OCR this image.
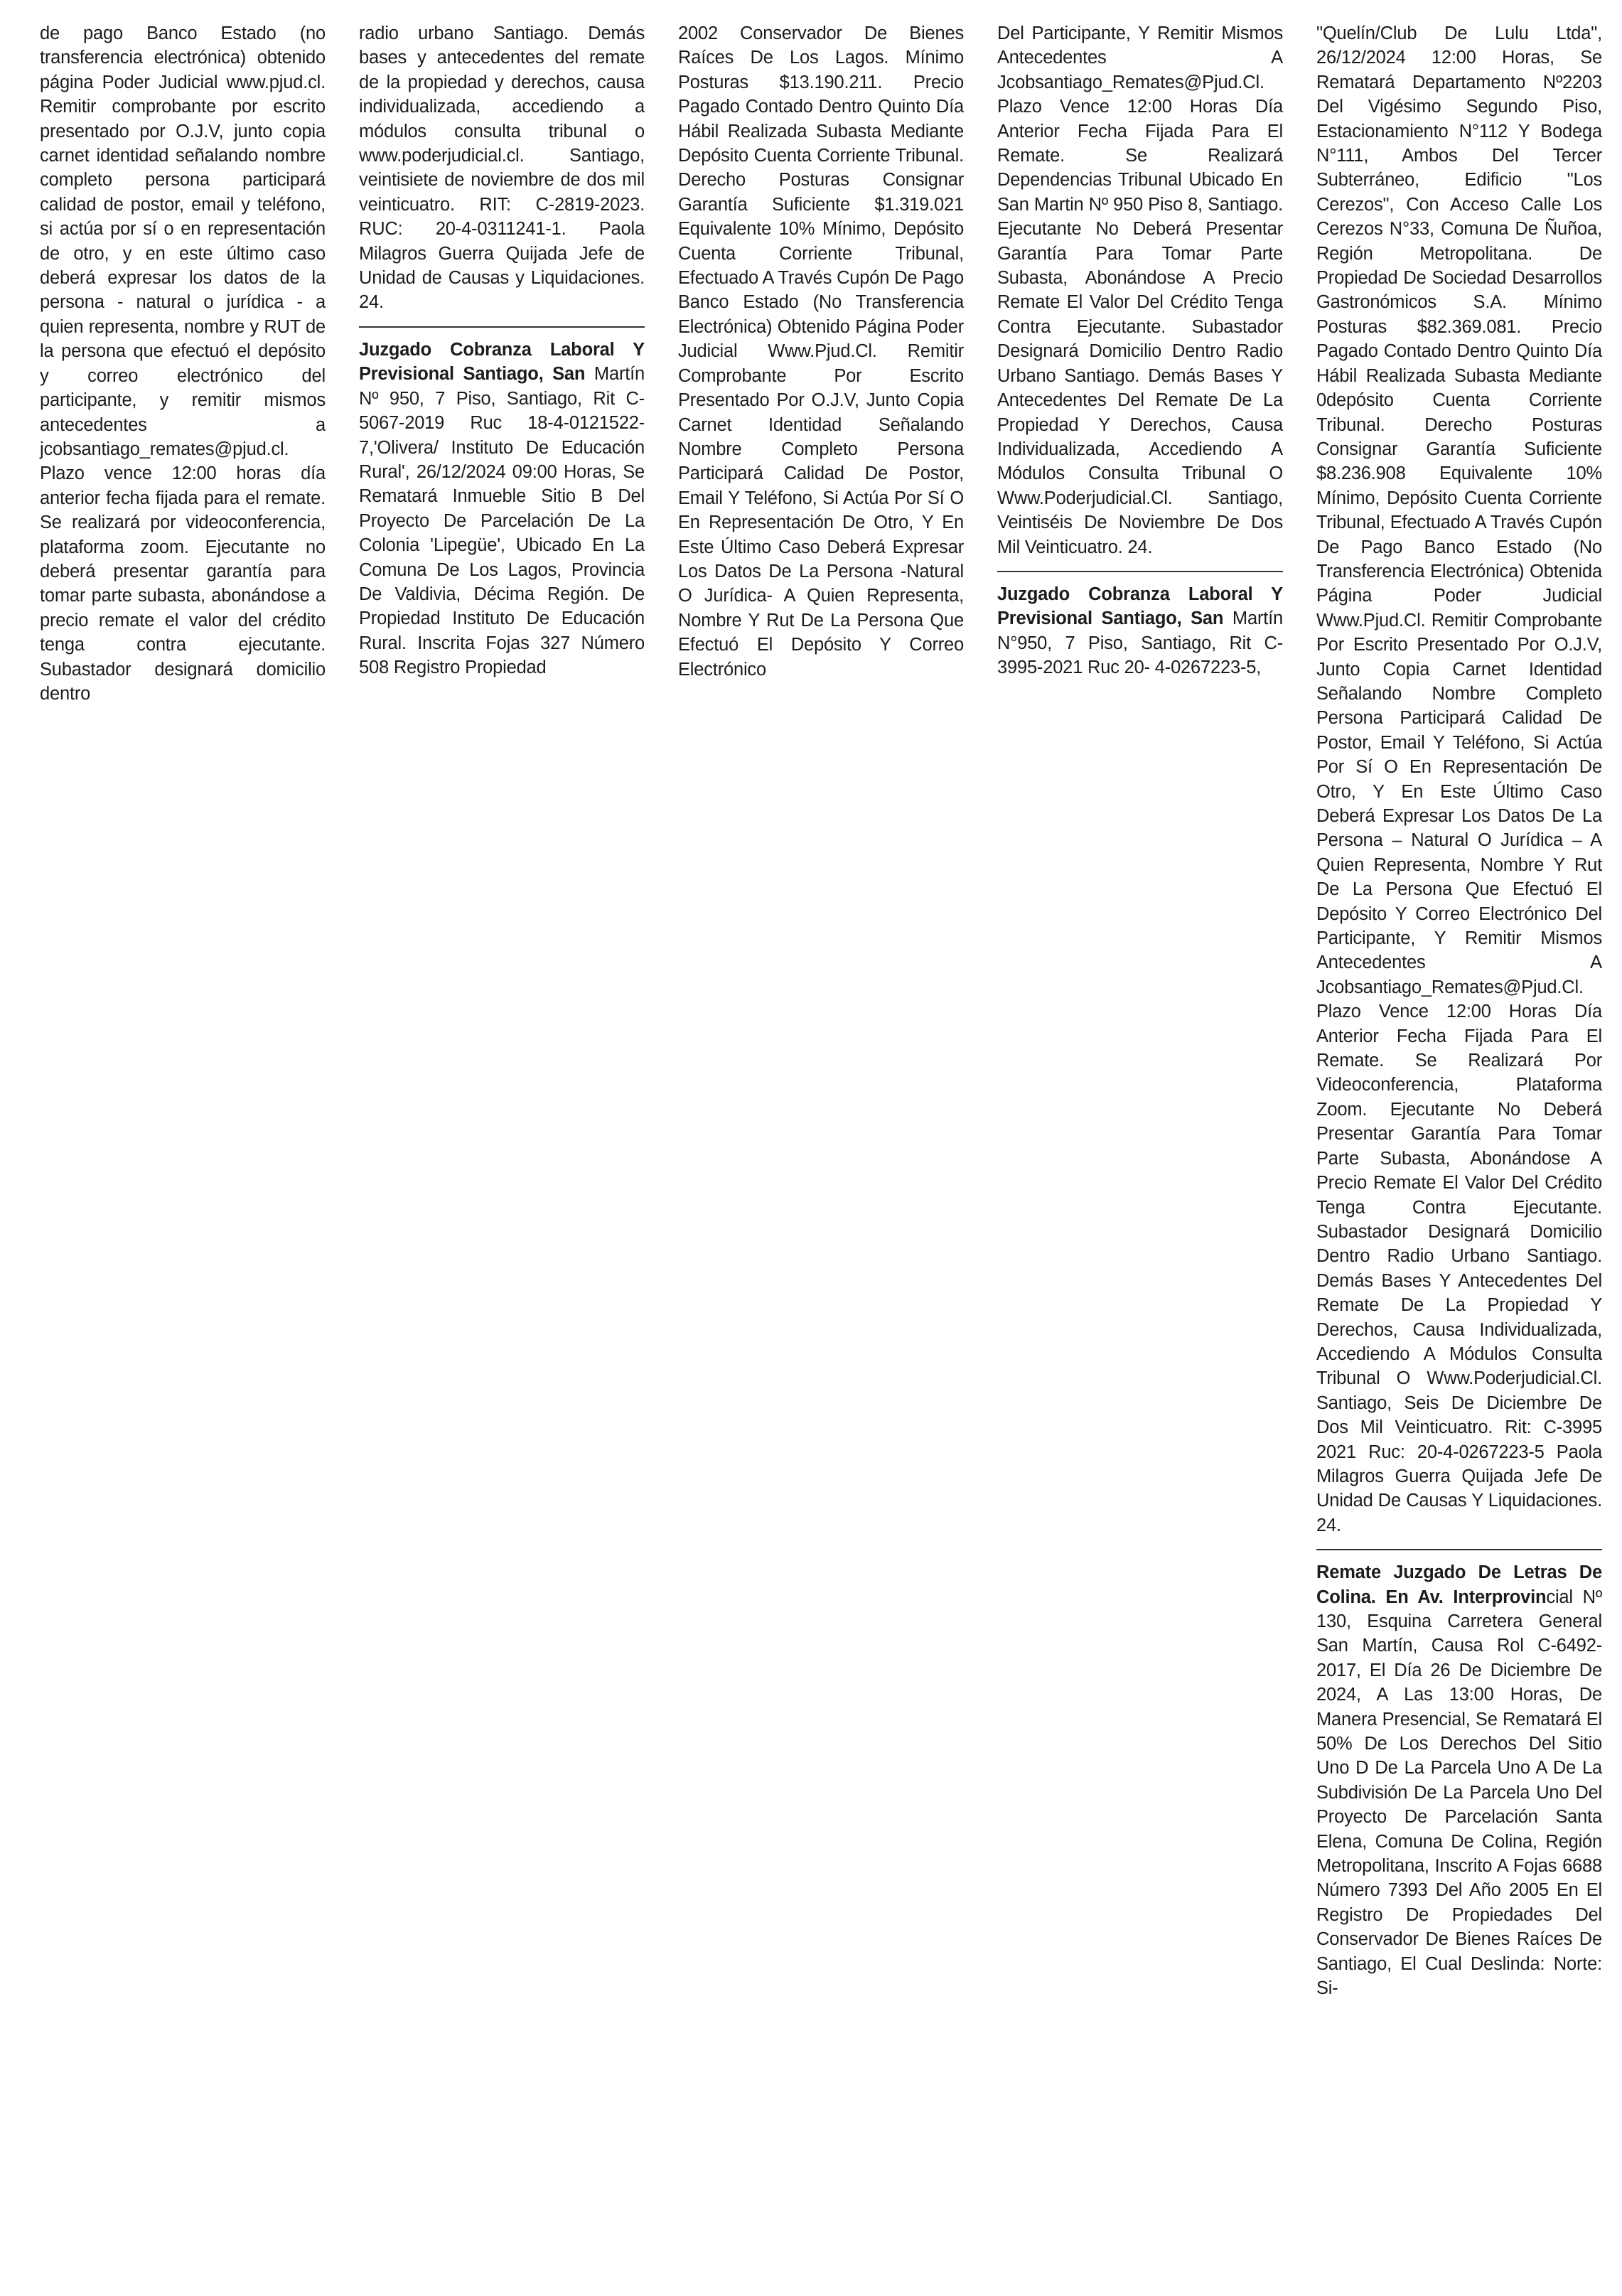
de pago Banco Estado (no transferencia electrónica) obtenido página Poder Judicial www.pjud.cl. Remitir comprobante por escrito presentado por O.J.V, junto copia carnet identidad señalando nombre completo persona participará calidad de postor, email y teléfono, si actúa por sí o en representación de otro, y en este último caso deberá expresar los datos de la persona - natural o jurídica - a quien representa, nombre y RUT de la persona que efectuó el depósito y correo electrónico del participante, y remitir mismos antecedentes a jcobsantiago_remates@pjud.cl. Plazo vence 12:00 horas día anterior fecha fijada para el remate. Se realizará por videoconferencia, plataforma zoom. Ejecutante no deberá presentar garantía para tomar parte subasta, abonándose a precio remate el valor del crédito tenga contra ejecutante. Subastador designará domicilio dentro

radio urbano Santiago. Demás bases y antecedentes del remate de la propiedad y derechos, causa individualizada, accediendo a módulos consulta tribunal o www.poderjudicial.cl. Santiago, veintisiete de noviembre de dos mil veinticuatro. RIT: C-2819-2023. RUC: 20-4-0311241-1. Paola Milagros Guerra Quijada Jefe de Unidad de Causas y Liquidaciones. 24.

Juzgado Cobranza Laboral Y Previsional Santiago, San Martín Nº 950, 7 Piso, Santiago, Rit C-5067-2019 Ruc 18-4-0121522-7,'Olivera/ Instituto De Educación Rural', 26/12/2024 09:00 Horas, Se Rematará Inmueble Sitio B Del Proyecto De Parcelación De La Colonia 'Lipegüe', Ubicado En La Comuna De Los Lagos, Provincia De Valdivia, Décima Región. De Propiedad Instituto De Educación Rural. Inscrita Fojas 327 Número 508 Registro Propiedad

2002 Conservador De Bienes Raíces De Los Lagos. Mínimo Posturas $13.190.211. Precio Pagado Contado Dentro Quinto Día Hábil Realizada Subasta Mediante Depósito Cuenta Corriente Tribunal. Derecho Posturas Consignar Garantía Suficiente $1.319.021 Equivalente 10% Mínimo, Depósito Cuenta Corriente Tribunal, Efectuado A Través Cupón De Pago Banco Estado (No Transferencia Electrónica) Obtenido Página Poder Judicial Www.Pjud.Cl. Remitir Comprobante Por Escrito Presentado Por O.J.V, Junto Copia Carnet Identidad Señalando Nombre Completo Persona Participará Calidad De Postor, Email Y Teléfono, Si Actúa Por Sí O En Representación De Otro, Y En Este Último Caso Deberá Expresar Los Datos De La Persona -Natural O Jurídica- A Quien Representa, Nombre Y Rut De La Persona Que Efectuó El Depósito Y Correo Electrónico

Del Participante, Y Remitir Mismos Antecedentes A Jcobsantiago_Remates@Pjud.Cl. Plazo Vence 12:00 Horas Día Anterior Fecha Fijada Para El Remate. Se Realizará Dependencias Tribunal Ubicado En San Martin Nº 950 Piso 8, Santiago. Ejecutante No Deberá Presentar Garantía Para Tomar Parte Subasta, Abonándose A Precio Remate El Valor Del Crédito Tenga Contra Ejecutante. Subastador Designará Domicilio Dentro Radio Urbano Santiago. Demás Bases Y Antecedentes Del Remate De La Propiedad Y Derechos, Causa Individualizada, Accediendo A Módulos Consulta Tribunal O Www.Poderjudicial.Cl. Santiago, Veintiséis De Noviembre De Dos Mil Veinticuatro. 24.

Juzgado Cobranza Laboral Y Previsional Santiago, San Martín N°950, 7 Piso, Santiago, Rit C-3995-2021 Ruc 20- 4-0267223-5,

"Quelín/Club De Lulu Ltda", 26/12/2024 12:00 Horas, Se Rematará Departamento Nº2203 Del Vigésimo Segundo Piso, Estacionamiento N°112 Y Bodega N°111, Ambos Del Tercer Subterráneo, Edificio "Los Cerezos", Con Acceso Calle Los Cerezos N°33, Comuna De Ñuñoa, Región Metropolitana. De Propiedad De Sociedad Desarrollos Gastronómicos S.A. Mínimo Posturas $82.369.081. Precio Pagado Contado Dentro Quinto Día Hábil Realizada Subasta Mediante 0depósito Cuenta Corriente Tribunal. Derecho Posturas Consignar Garantía Suficiente $8.236.908 Equivalente 10% Mínimo, Depósito Cuenta Corriente Tribunal, Efectuado A Través Cupón De Pago Banco Estado (No Transferencia Electrónica) Obtenida Página Poder Judicial Www.Pjud.Cl. Remitir Comprobante Por Escrito Presentado Por O.J.V, Junto Copia Carnet Identidad Señalando Nombre Completo Persona Participará Calidad De Postor, Email Y Teléfono, Si Actúa Por Sí O En Representación De Otro, Y En Este Último Caso Deberá Expresar Los Datos De La Persona – Natural O Jurídica – A Quien Representa, Nombre Y Rut De La Persona Que Efectuó El Depósito Y Correo Electrónico Del Participante, Y Remitir Mismos Antecedentes A Jcobsantiago_Remates@Pjud.Cl. Plazo Vence 12:00 Horas Día Anterior Fecha Fijada Para El Remate. Se Realizará Por Videoconferencia, Plataforma Zoom. Ejecutante No Deberá Presentar Garantía Para Tomar Parte Subasta, Abonándose A Precio Remate El Valor Del Crédito Tenga Contra Ejecutante. Subastador Designará Domicilio Dentro Radio Urbano Santiago. Demás Bases Y Antecedentes Del Remate De La Propiedad Y Derechos, Causa Individualizada, Accediendo A Módulos Consulta Tribunal O Www.Poderjudicial.Cl. Santiago, Seis De Diciembre De Dos Mil Veinticuatro. Rit: C-3995 2021 Ruc: 20-4-0267223-5 Paola Milagros Guerra Quijada Jefe De Unidad De Causas Y Liquidaciones. 24.

Remate Juzgado De Letras De Colina. En Av. Interprovincial Nº 130, Esquina Carretera General San Martín, Causa Rol C-6492-2017, El Día 26 De Diciembre De 2024, A Las 13:00 Horas, De Manera Presencial, Se Rematará El 50% De Los Derechos Del Sitio Uno D De La Parcela Uno A De La Subdivisión De La Parcela Uno Del Proyecto De Parcelación Santa Elena, Comuna De Colina, Región Metropolitana, Inscrito A Fojas 6688 Número 7393 Del Año 2005 En El Registro De Propiedades Del Conservador De Bienes Raíces De Santiago, El Cual Deslinda: Norte: Si-
